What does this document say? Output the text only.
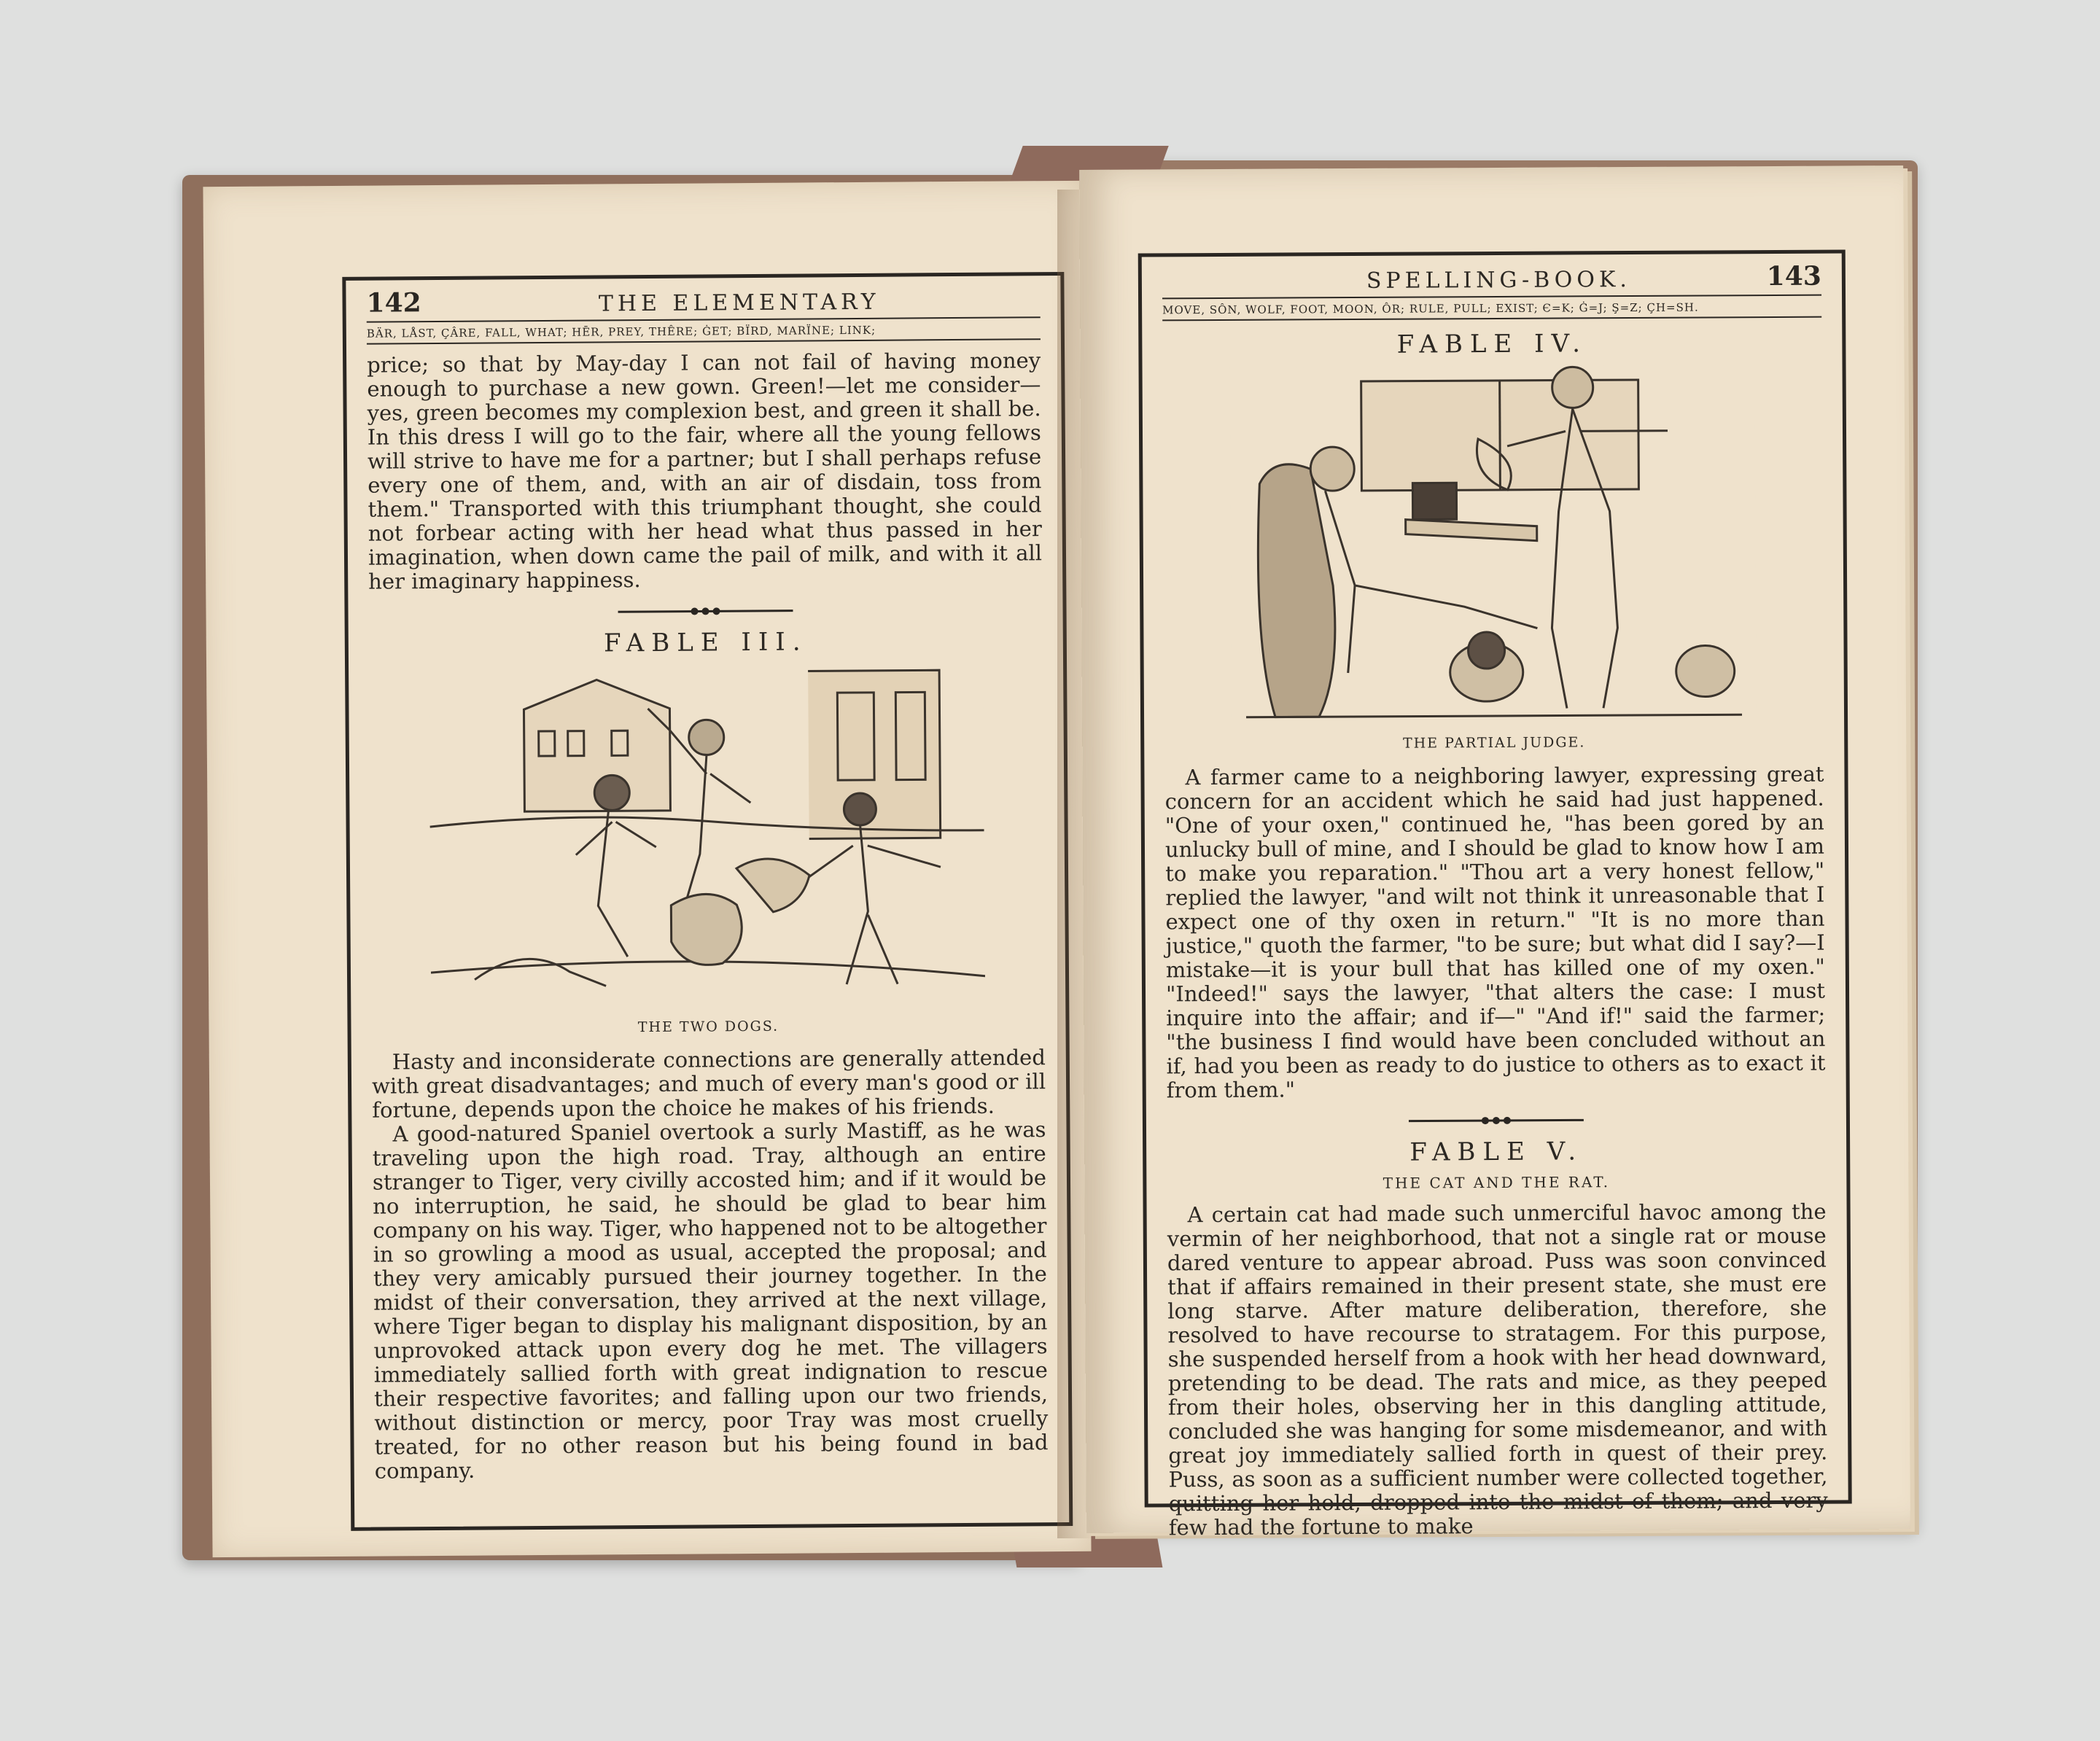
142	THE ELEMENTARY
BÄR, LÅST, ÇÂRE, FALL, WHAT; HĒR, PREY, THÊRE; ĠET; BÏRD, MARÏNE; LINK;

price; so that by May-day I can not fail of having money enough to purchase a new gown. Green!—let me consider—yes, green becomes my complexion best, and green it shall be. In this dress I will go to the fair, where all the young fellows will strive to have me for a partner; but I shall perhaps refuse every one of them, and, with an air of disdain, toss from them." Transported with this triumphant thought, she could not forbear acting with her head what thus passed in her imagination, when down came the pail of milk, and with it all her imaginary happiness.

FABLE III.
THE TWO DOGS.

Hasty and inconsiderate connections are generally attended with great disadvantages; and much of every man's good or ill fortune, depends upon the choice he makes of his friends.

A good-natured Spaniel overtook a surly Mastiff, as he was traveling upon the high road. Tray, although an entire stranger to Tiger, very civilly accosted him; and if it would be no interruption, he said, he should be glad to bear him company on his way. Tiger, who happened not to be altogether in so growling a mood as usual, accepted the proposal; and they very amicably pursued their journey together. In the midst of their conversation, they arrived at the next village, where Tiger began to display his malignant disposition, by an unprovoked attack upon every dog he met. The villagers immediately sallied forth with great indignation to rescue their respective favorites; and falling upon our two friends, without distinction or mercy, poor Tray was most cruelly treated, for no other reason but his being found in bad company.

SPELLING-BOOK.	143
MOVE, SÔN, WOLF, FOOT, MOON, ÔR; RULE, PULL; EXIST; Є=K; Ġ=J; Ş=Z; ÇH=SH.
FABLE IV.
THE PARTIAL JUDGE.

A farmer came to a neighboring lawyer, expressing great concern for an accident which he said had just happened. "One of your oxen," continued he, "has been gored by an unlucky bull of mine, and I should be glad to know how I am to make you reparation." "Thou art a very honest fellow," replied the lawyer, "and wilt not think it unreasonable that I expect one of thy oxen in return." "It is no more than justice," quoth the farmer, "to be sure; but what did I say?—I mistake—it is your bull that has killed one of my oxen." "Indeed!" says the lawyer, "that alters the case: I must inquire into the affair; and if—" "And if!" said the farmer; "the business I find would have been concluded without an if, had you been as ready to do justice to others as to exact it from them."

FABLE V.
THE CAT AND THE RAT.

A certain cat had made such unmerciful havoc among the vermin of her neighborhood, that not a single rat or mouse dared venture to appear abroad. Puss was soon convinced that if affairs remained in their present state, she must ere long starve. After mature deliberation, therefore, she resolved to have recourse to stratagem. For this purpose, she suspended herself from a hook with her head downward, pretending to be dead. The rats and mice, as they peeped from their holes, observing her in this dangling attitude, concluded she was hanging for some misdemeanor, and with great joy immediately sallied forth in quest of their prey. Puss, as soon as a sufficient number were collected together, quitting her hold, dropped into the midst of them; and very few had the fortune to make
